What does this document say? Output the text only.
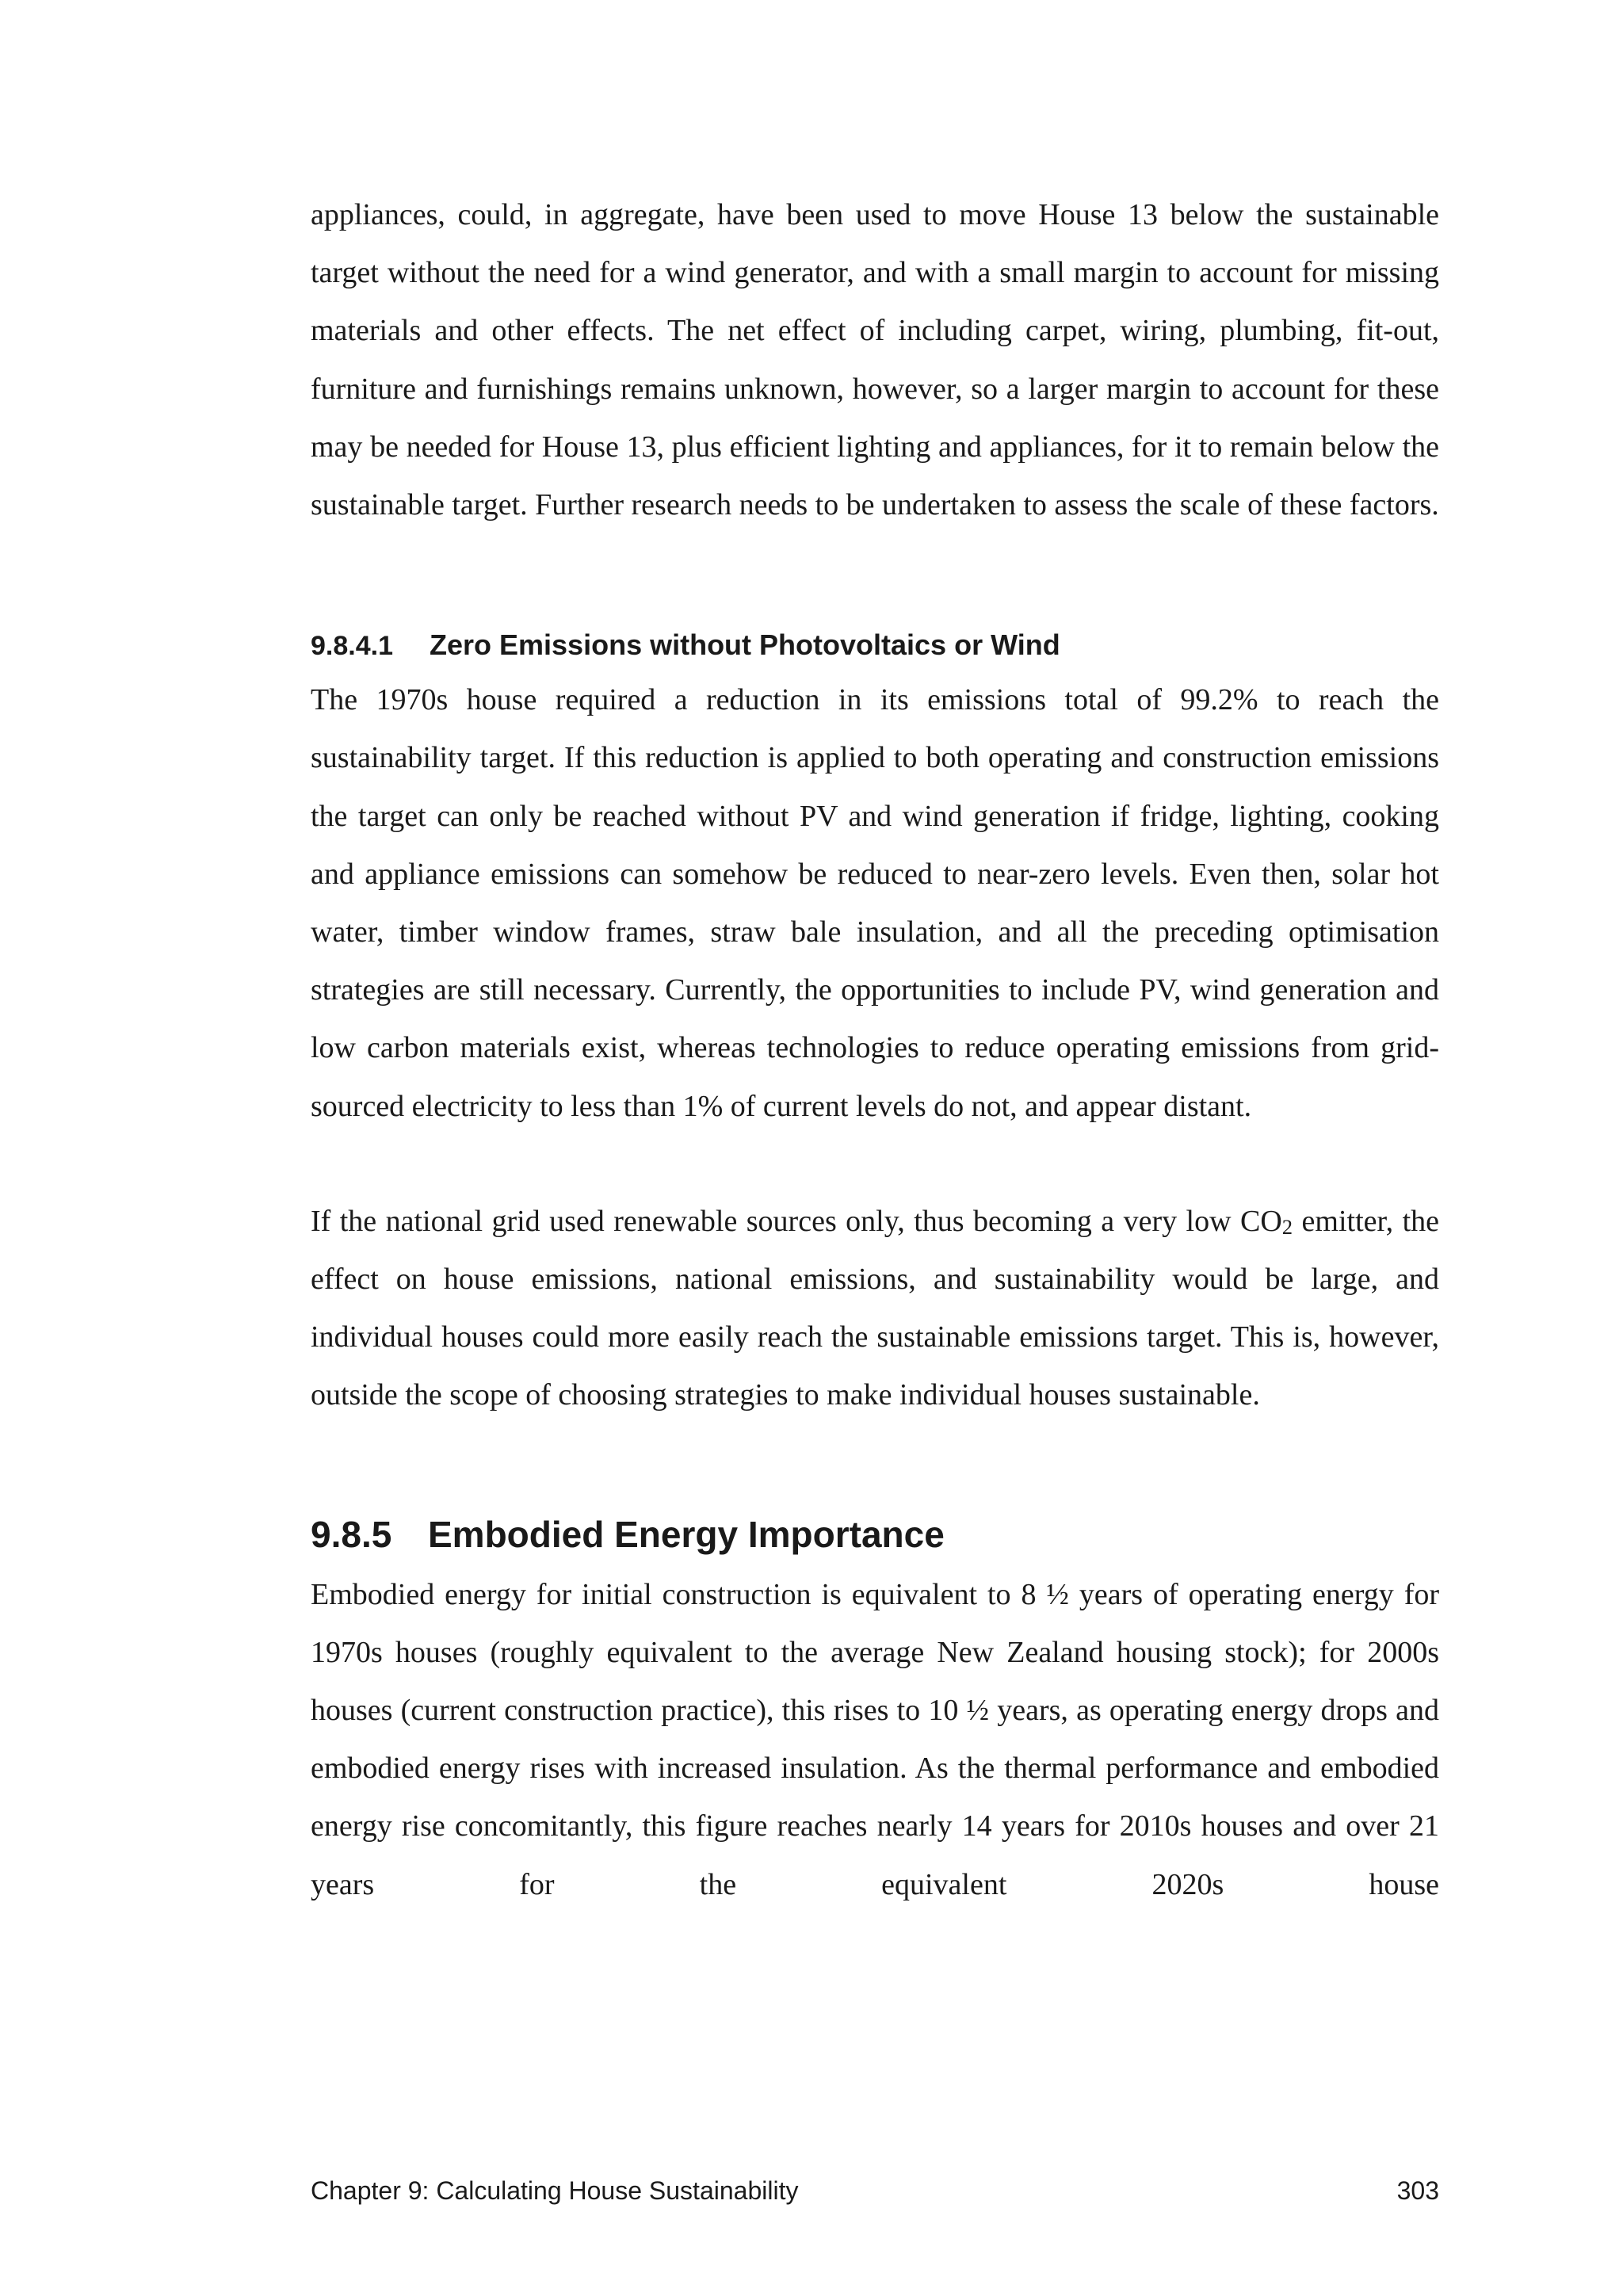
appliances, could, in aggregate, have been used to move House 13 below the sustainable target without the need for a wind generator, and with a small margin to account for missing materials and other effects. The net effect of including carpet, wiring, plumbing, fit-out, furniture and furnishings remains unknown, however, so a larger margin to account for these may be needed for House 13, plus efficient lighting and appliances, for it to remain below the sustainable target. Further research needs to be undertaken to assess the scale of these factors.

9.8.4.1 Zero Emissions without Photovoltaics or Wind

The 1970s house required a reduction in its emissions total of 99.2% to reach the sustainability target. If this reduction is applied to both operating and construction emissions the target can only be reached without PV and wind generation if fridge, lighting, cooking and appliance emissions can somehow be reduced to near-zero levels. Even then, solar hot water, timber window frames, straw bale insulation, and all the preceding optimisation strategies are still necessary. Currently, the opportunities to include PV, wind generation and low carbon materials exist, whereas technologies to reduce operating emissions from grid-sourced electricity to less than 1% of current levels do not, and appear distant.

If the national grid used renewable sources only, thus becoming a very low $CO_2$ emitter, the effect on house emissions, national emissions, and sustainability would be large, and individual houses could more easily reach the sustainable emissions target. This is, however, outside the scope of choosing strategies to make individual houses sustainable.

9.8.5 Embodied Energy Importance

Embodied energy for initial construction is equivalent to 8 ½ years of operating energy for 1970s houses (roughly equivalent to the average New Zealand housing stock); for 2000s houses (current construction practice), this rises to 10 ½ years, as operating energy drops and embodied energy rises with increased insulation. As the thermal performance and embodied energy rise concomitantly, this figure reaches nearly 14 years for 2010s houses and over 21 years for the equivalent 2020s house

Chapter 9: Calculating House Sustainability	303
